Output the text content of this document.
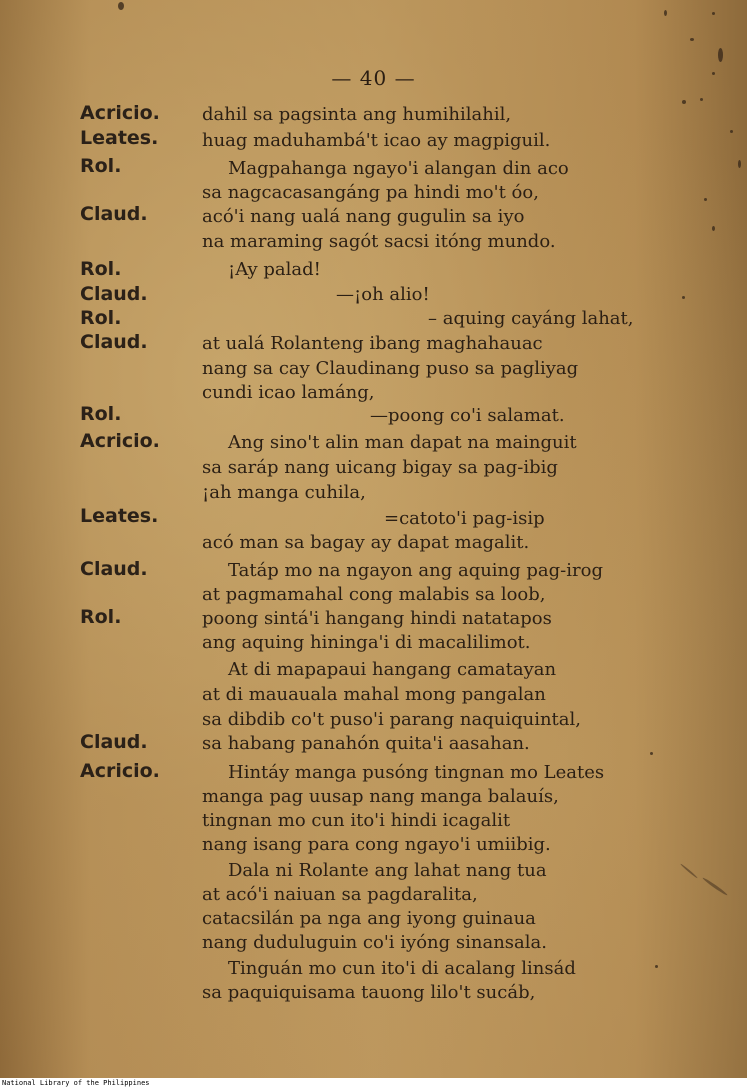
— 40 —
Acricio.
Leates.
Rol.
Claud.
Rol.
Claud.
Rol.
Claud.
Rol.
Acricio.
Leates.
Claud.
Rol.
Claud.
Acricio.
dahil sa pagsinta ang humihilahil,
huag maduhambá't icao ay magpiguil.
Magpahanga ngayo'i alangan din aco
sa nagcacasangáng pa hindi mo't óo,
acó'i nang ualá nang gugulin sa iyo
na maraming sagót sacsi itóng mundo.
¡Ay palad!
—¡oh alio!
– aquing cayáng lahat,
at ualá Rolanteng ibang maghahauac
nang sa cay Claudinang puso sa pagliyag
cundi icao lamáng,
—poong co'i salamat.
Ang sino't alin man dapat na mainguit
sa saráp nang uicang bigay sa pag-ibig
¡ah manga cuhila,
=catoto'i pag-isip
acó man sa bagay ay dapat magalit.
Tatáp mo na ngayon ang aquing pag-irog
at pagmamahal cong malabis sa loob,
poong sintá'i hangang hindi natatapos
ang aquing hininga'i di macalilimot.
At di mapapaui hangang camatayan
at di mauauala mahal mong pangalan
sa dibdib co't puso'i parang naquiquintal,
sa habang panahón quita'i aasahan.
Hintáy manga pusóng tingnan mo Leates
manga pag uusap nang manga balauís,
tingnan mo cun ito'i hindi icagalit
nang isang para cong ngayo'i umiibig.
Dala ni Rolante ang lahat nang tua
at acó'i naiuan sa pagdaralita,
catacsilán pa nga ang iyong guinaua
nang duduluguin co'i iyóng sinansala.
Tinguán mo cun ito'i di acalang linsád
sa paquiquisama tauong lilo't sucáb,
National Library of the Philippines
